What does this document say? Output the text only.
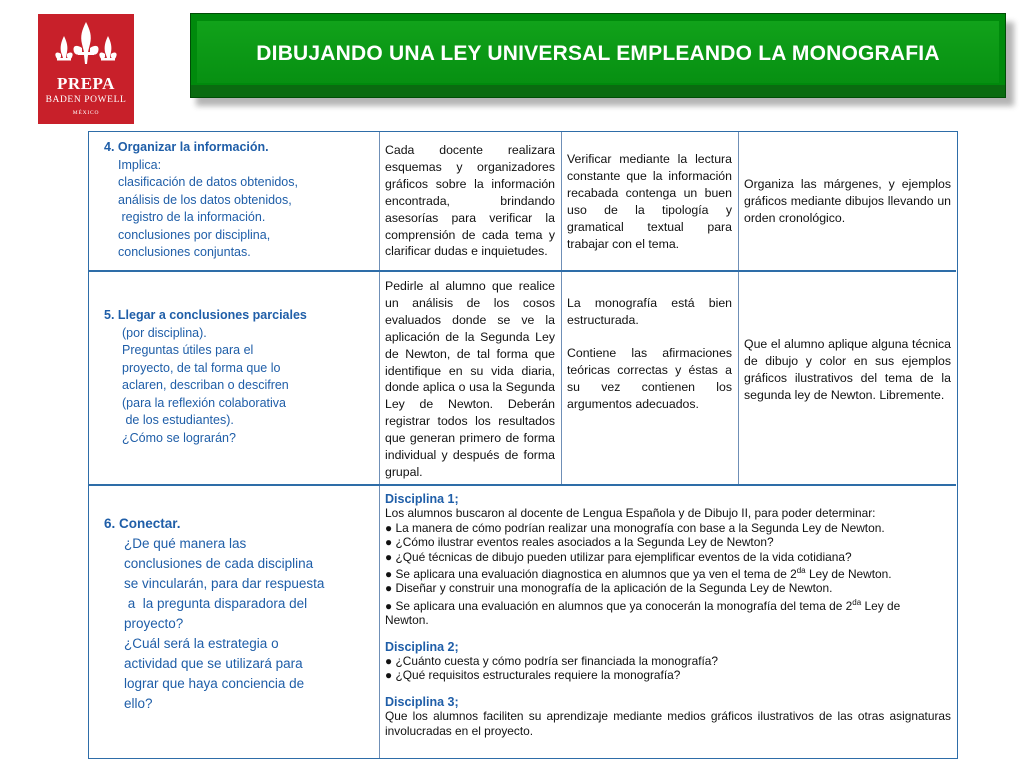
PREPA
BADEN POWELL
MÉXICO
DIBUJANDO UNA LEY UNIVERSAL EMPLEANDO LA MONOGRAFIA
4. Organizar la información.
Implica:
clasificación de datos obtenidos,
análisis de los datos obtenidos,
registro de la información.
conclusiones por disciplina,
conclusiones conjuntas.
Cada docente realizara esquemas y organizadores gráficos sobre la información encontrada, brindando asesorías para verificar la comprensión de cada tema y clarificar dudas e inquietudes.
Verificar mediante la lectura constante que la información recabada contenga un buen uso de la tipología y gramatical textual para trabajar con el tema.
Organiza las márgenes, y ejemplos gráficos mediante dibujos llevando un orden cronológico.
5. Llegar a conclusiones parciales
(por disciplina).
Preguntas útiles para el
proyecto, de tal forma que lo
aclaren, describan o descifren
(para la reflexión colaborativa
de los estudiantes).
¿Cómo se lograrán?
Pedirle al alumno que realice un análisis de los cosos evaluados donde se ve la aplicación de la Segunda Ley de Newton, de tal forma que identifique en su vida diaria, donde aplica o usa la Segunda Ley de Newton. Deberán registrar todos los resultados que generan primero de forma individual y después de forma grupal.
La monografía está bien estructurada.
Contiene las afirmaciones teóricas correctas y éstas a su vez contienen los argumentos adecuados.
Que el alumno aplique alguna técnica de dibujo y color en sus ejemplos gráficos ilustrativos del tema de la segunda ley de Newton. Libremente.
6. Conectar.
¿De qué manera las
conclusiones de cada disciplina
se vincularán, para dar respuesta
a  la pregunta disparadora del
proyecto?
¿Cuál será la estrategia o
actividad que se utilizará para
lograr que haya conciencia de
ello?
Disciplina 1;
Los alumnos buscaron al docente de Lengua Española y de Dibujo II, para poder determinar:
● La manera de cómo podrían realizar una monografía con base a la Segunda Ley de Newton.
● ¿Cómo ilustrar eventos reales asociados a la Segunda Ley de Newton?
● ¿Qué técnicas de dibujo pueden utilizar para ejemplificar eventos de la vida cotidiana?
● Se aplicara una evaluación diagnostica en alumnos que ya ven el tema de $2^{da}$ Ley de Newton.
● Diseñar y construir una monografía de la aplicación de la Segunda Ley de Newton.
● Se aplicara una evaluación en alumnos que ya conocerán la monografía del tema de $2^{da}$ Ley de
Newton.
Disciplina 2;
● ¿Cuánto cuesta y cómo podría ser financiada la monografía?
● ¿Qué requisitos estructurales requiere la monografía?
Disciplina 3;
Que los alumnos faciliten su aprendizaje mediante medios gráficos ilustrativos de las otras asignaturas involucradas en el proyecto.
